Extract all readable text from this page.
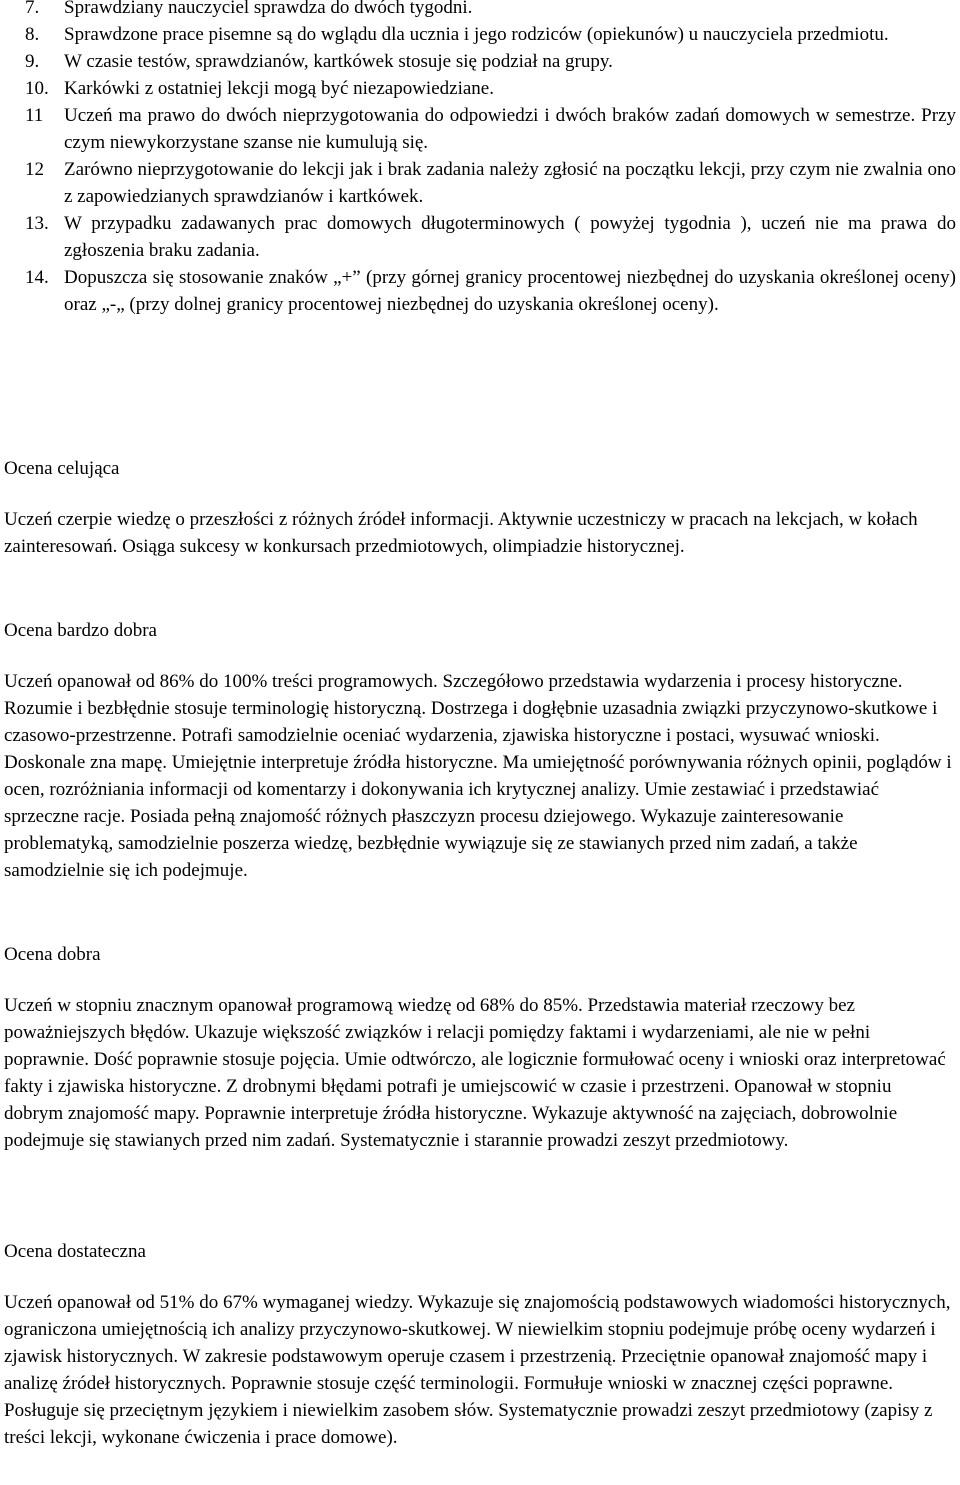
7. Sprawdziany nauczyciel sprawdza do dwóch tygodni.
8. Sprawdzone prace pisemne są do wglądu dla ucznia i jego rodziców (opiekunów) u nauczyciela przedmiotu.
9. W czasie testów, sprawdzianów, kartkówek stosuje się podział na grupy.
10. Karkówki z ostatniej lekcji mogą być niezapowiedziane.
11 Uczeń ma prawo do dwóch nieprzygotowania do odpowiedzi i dwóch braków zadań domowych w semestrze. Przy czym niewykorzystane szanse nie kumulują się.
12 Zarówno nieprzygotowanie do lekcji jak i brak zadania należy zgłosić na początku lekcji, przy czym nie zwalnia ono z zapowiedzianych sprawdzianów i kartkówek.
13. W przypadku zadawanych prac domowych długoterminowych ( powyżej tygodnia ), uczeń nie ma prawa do zgłoszenia braku zadania.
14. Dopuszcza się stosowanie znaków „+” (przy górnej granicy procentowej niezbędnej do uzyskania określonej oceny) oraz „-„ (przy dolnej granicy procentowej niezbędnej do uzyskania określonej oceny).
Ocena celująca

Uczeń czerpie wiedzę o przeszłości z różnych źródeł informacji. Aktywnie uczestniczy w pracach na lekcjach, w kołach zainteresowań. Osiąga sukcesy w konkursach przedmiotowych, olimpiadzie historycznej.

Ocena bardzo dobra

Uczeń opanował od 86% do 100% treści programowych. Szczegółowo przedstawia wydarzenia i procesy historyczne. Rozumie i bezbłędnie stosuje terminologię historyczną. Dostrzega i dogłębnie uzasadnia związki przyczynowo-skutkowe i czasowo-przestrzenne. Potrafi samodzielnie oceniać wydarzenia, zjawiska historyczne i postaci, wysuwać wnioski. Doskonale zna mapę. Umiejętnie interpretuje źródła historyczne. Ma umiejętność porównywania różnych opinii, poglądów i ocen, rozróżniania informacji od komentarzy i dokonywania ich krytycznej analizy. Umie zestawiać i przedstawiać sprzeczne racje. Posiada pełną znajomość różnych płaszczyzn procesu dziejowego. Wykazuje zainteresowanie problematyką, samodzielnie poszerza wiedzę, bezbłędnie wywiązuje się ze stawianych przed nim zadań, a także samodzielnie się ich podejmuje.

Ocena dobra

Uczeń w stopniu znacznym opanował programową wiedzę od 68% do 85%. Przedstawia materiał rzeczowy bez poważniejszych błędów. Ukazuje większość związków i relacji pomiędzy faktami i wydarzeniami, ale nie w pełni poprawnie. Dość poprawnie stosuje pojęcia. Umie odtwórczo, ale logicznie formułować oceny i wnioski oraz interpretować fakty i zjawiska historyczne. Z drobnymi błędami potrafi je umiejscowić w czasie i przestrzeni. Opanował w stopniu dobrym znajomość mapy. Poprawnie interpretuje źródła historyczne. Wykazuje aktywność na zajęciach, dobrowolnie podejmuje się stawianych przed nim zadań. Systematycznie i starannie prowadzi zeszyt przedmiotowy.

Ocena dostateczna

Uczeń opanował od 51% do 67% wymaganej wiedzy. Wykazuje się znajomością podstawowych wiadomości historycznych, ograniczona umiejętnością ich analizy przyczynowo-skutkowej. W niewielkim stopniu podejmuje próbę oceny wydarzeń i zjawisk historycznych. W zakresie podstawowym operuje czasem i przestrzenią. Przeciętnie opanował znajomość mapy i analizę źródeł historycznych. Poprawnie stosuje część terminologii. Formułuje wnioski w znacznej części poprawne. Posługuje się przeciętnym językiem i niewielkim zasobem słów. Systematycznie prowadzi zeszyt przedmiotowy (zapisy z treści lekcji, wykonane ćwiczenia i prace domowe).
